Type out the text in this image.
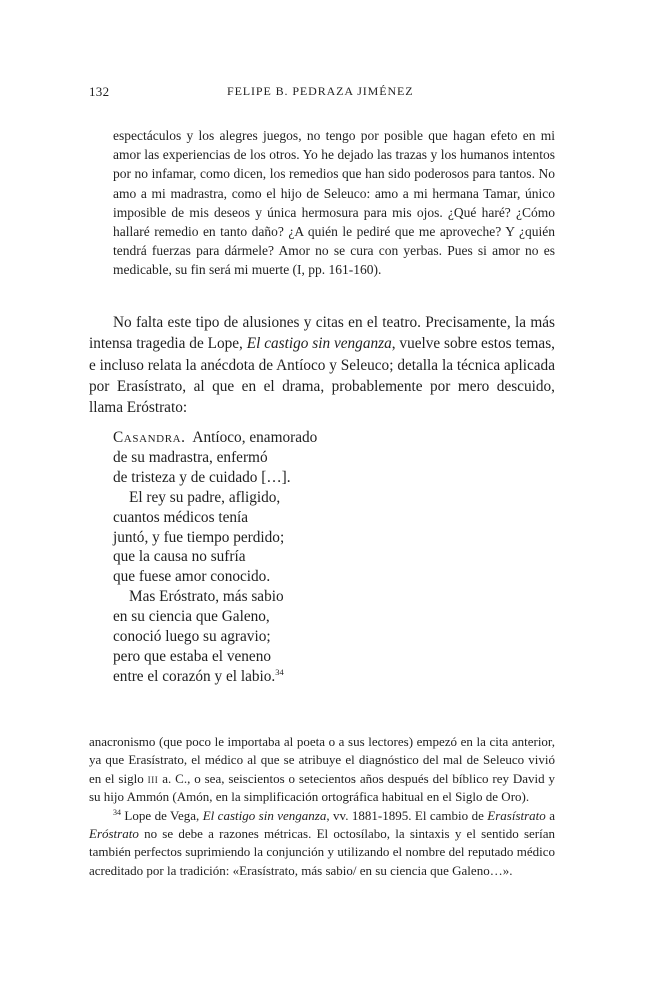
132	FELIPE B. PEDRAZA JIMÉNEZ
espectáculos y los alegres juegos, no tengo por posible que hagan efeto en mi amor las experiencias de los otros. Yo he dejado las trazas y los humanos intentos por no infamar, como dicen, los remedios que han sido poderosos para tantos. No amo a mi madrastra, como el hijo de Seleuco: amo a mi hermana Tamar, único imposible de mis deseos y única hermosura para mis ojos. ¿Qué haré? ¿Cómo hallaré remedio en tanto daño? ¿A quién le pediré que me aproveche? Y ¿quién tendrá fuerzas para dármele? Amor no se cura con yerbas. Pues si amor no es medicable, su fin será mi muerte (I, pp. 161-160).
No falta este tipo de alusiones y citas en el teatro. Precisamente, la más intensa tragedia de Lope, El castigo sin venganza, vuelve sobre estos temas, e incluso relata la anécdota de Antíoco y Seleuco; detalla la técnica aplicada por Erasístrato, al que en el drama, probablemente por mero descuido, llama Eróstrato:
Casandra. Antíoco, enamorado
de su madrastra, enfermó
de tristeza y de cuidado […].
El rey su padre, afligido,
cuantos médicos tenía
juntó, y fue tiempo perdido;
que la causa no sufría
que fuese amor conocido.
Mas Eróstrato, más sabio
en su ciencia que Galeno,
conoció luego su agravio;
pero que estaba el veneno
entre el corazón y el labio.$^{34}$
anacronismo (que poco le importaba al poeta o a sus lectores) empezó en la cita anterior, ya que Erasístrato, el médico al que se atribuye el diagnóstico del mal de Seleuco vivió en el siglo iii a. C., o sea, seiscientos o setecientos años después del bíblico rey David y su hijo Ammón (Amón, en la simplificación ortográfica habitual en el Siglo de Oro).
$^{34}$ Lope de Vega, El castigo sin venganza, vv. 1881-1895. El cambio de Erasístrato a Eróstrato no se debe a razones métricas. El octosílabo, la sintaxis y el sentido serían también perfectos suprimiendo la conjunción y utilizando el nombre del reputado médico acreditado por la tradición: «Erasístrato, más sabio/ en su ciencia que Galeno…».
